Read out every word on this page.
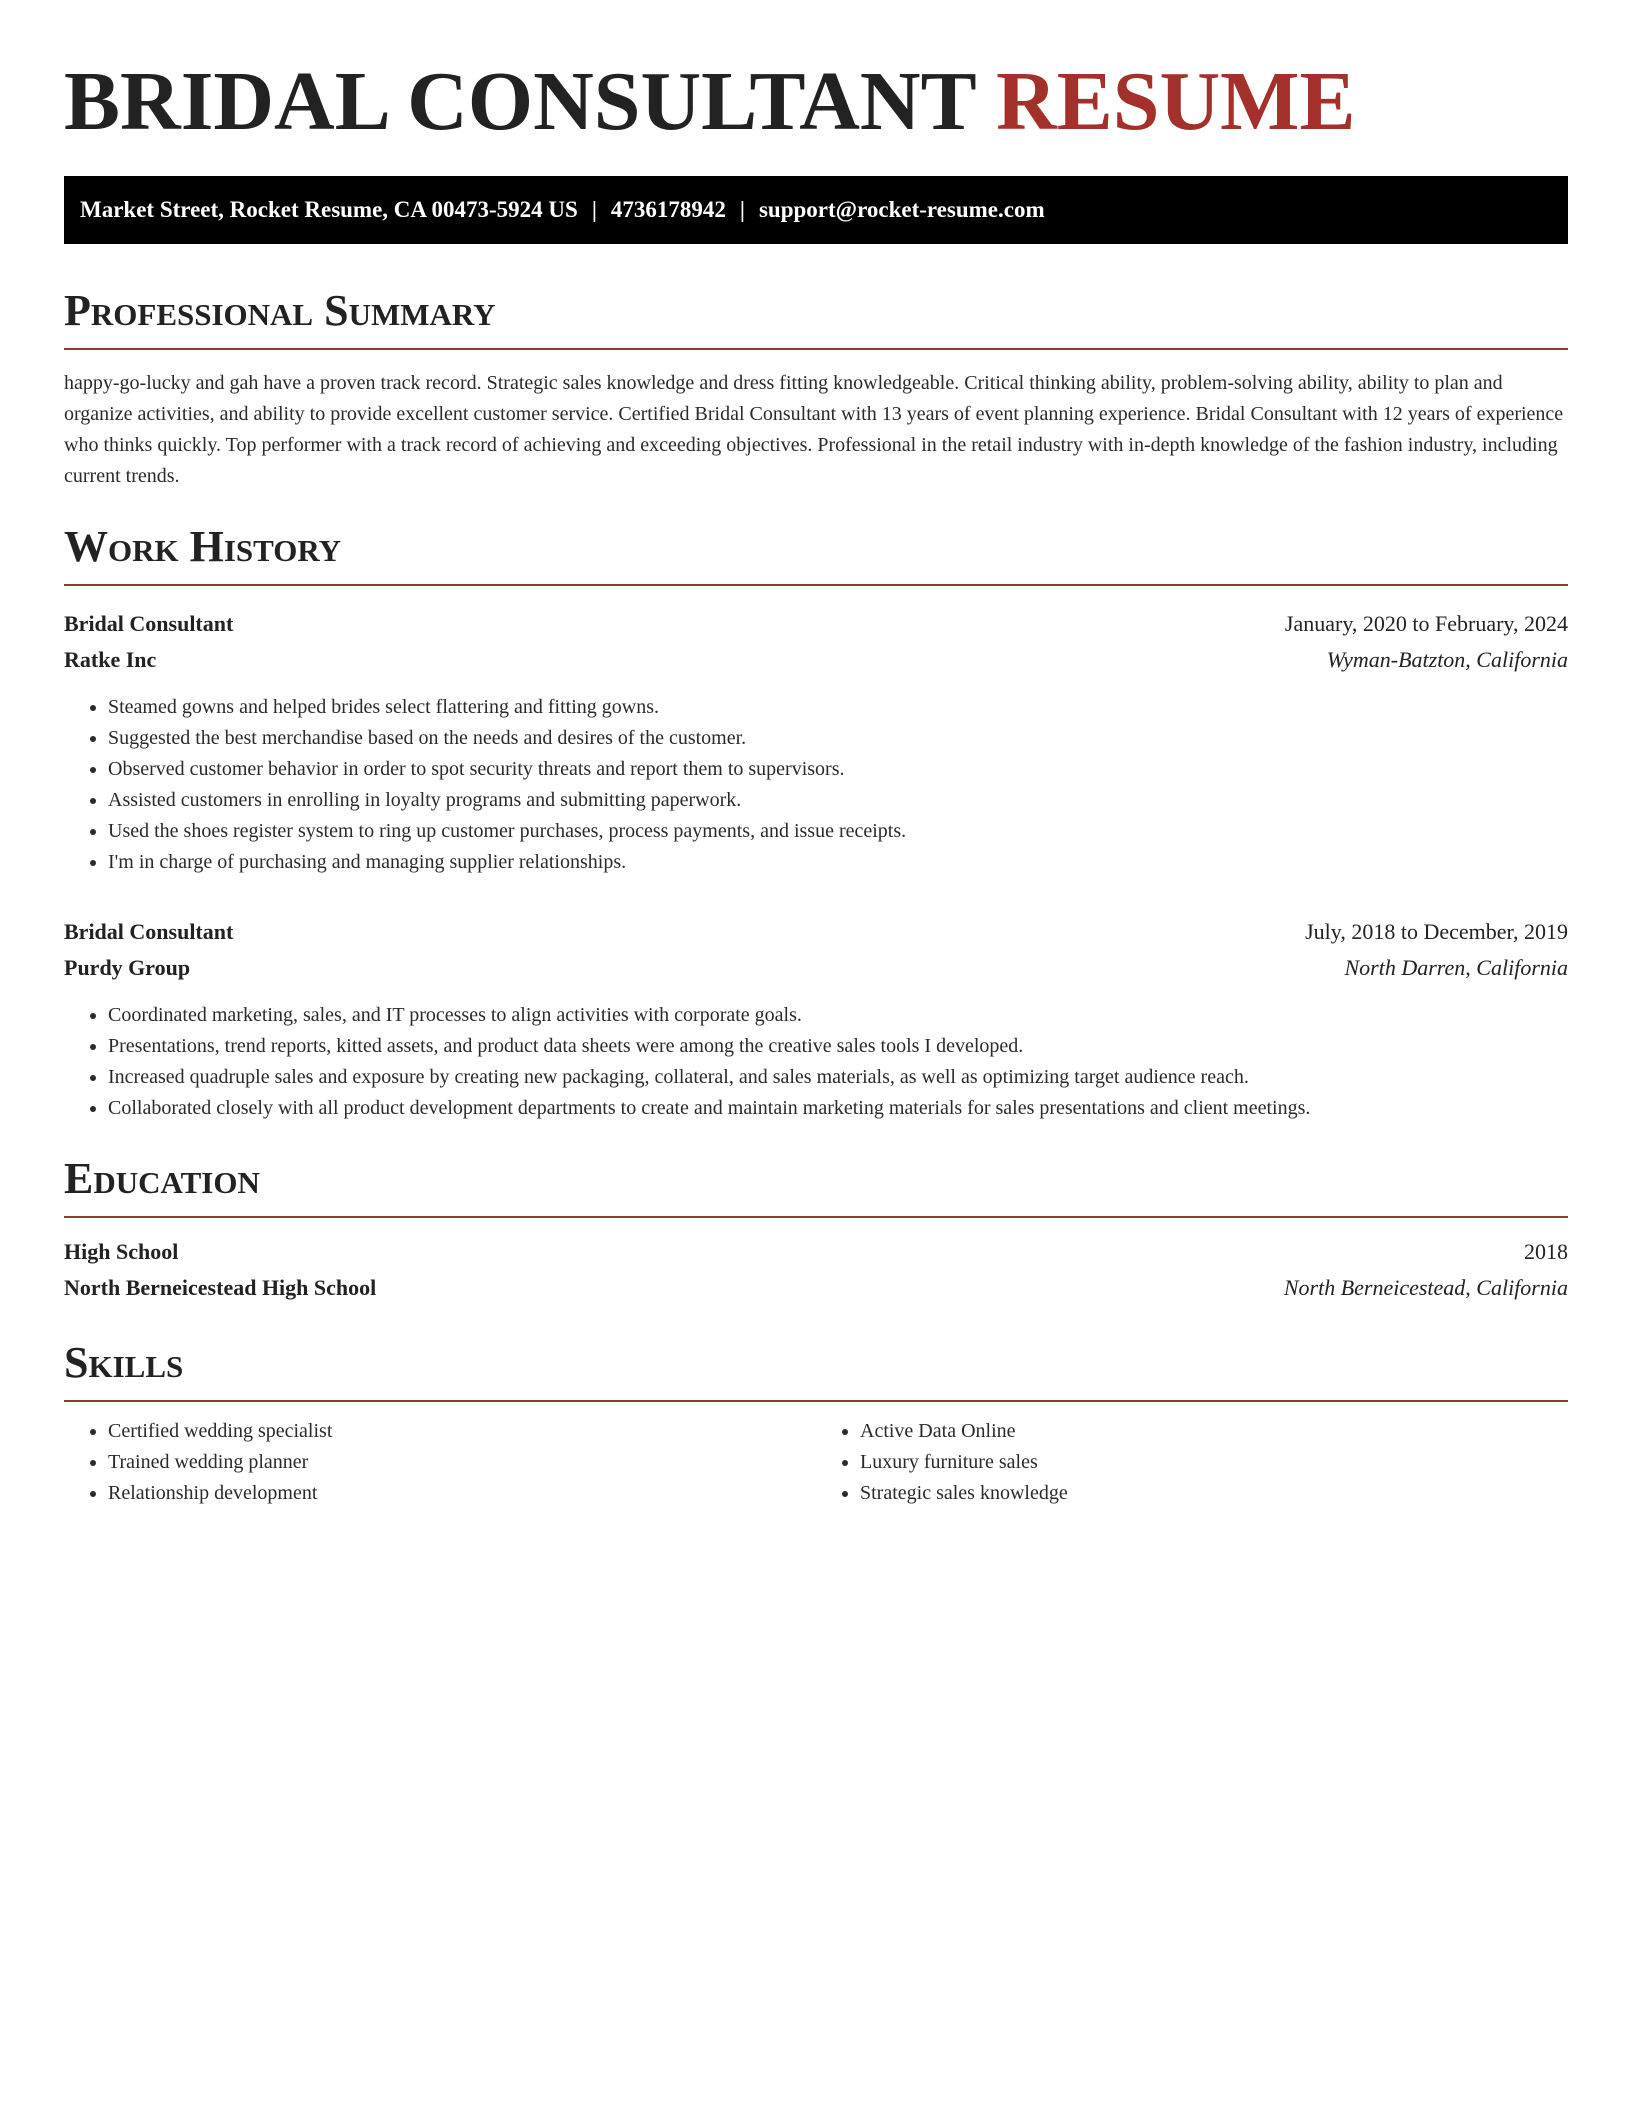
BRIDAL CONSULTANT RESUME
Market Street, Rocket Resume, CA 00473-5924 US | 4736178942 | support@rocket-resume.com
Professional Summary

happy-go-lucky and gah have a proven track record. Strategic sales knowledge and dress fitting knowledgeable. Critical thinking ability, problem-solving ability, ability to plan and organize activities, and ability to provide excellent customer service. Certified Bridal Consultant with 13 years of event planning experience. Bridal Consultant with 12 years of experience who thinks quickly. Top performer with a track record of achieving and exceeding objectives. Professional in the retail industry with in-depth knowledge of the fashion industry, including current trends.

Work History
Bridal Consultant	January, 2020 to February, 2024
Ratke Inc	Wyman-Batzton, California
• Steamed gowns and helped brides select flattering and fitting gowns.
• Suggested the best merchandise based on the needs and desires of the customer.
• Observed customer behavior in order to spot security threats and report them to supervisors.
• Assisted customers in enrolling in loyalty programs and submitting paperwork.
• Used the shoes register system to ring up customer purchases, process payments, and issue receipts.
• I'm in charge of purchasing and managing supplier relationships.
Bridal Consultant	July, 2018 to December, 2019
Purdy Group	North Darren, California
• Coordinated marketing, sales, and IT processes to align activities with corporate goals.
• Presentations, trend reports, kitted assets, and product data sheets were among the creative sales tools I developed.
• Increased quadruple sales and exposure by creating new packaging, collateral, and sales materials, as well as optimizing target audience reach.
• Collaborated closely with all product development departments to create and maintain marketing materials for sales presentations and client meetings.
Education
High School	2018
North Berneicestead High School	North Berneicestead, California
Skills
• Certified wedding specialist
• Trained wedding planner
• Relationship development
• Active Data Online
• Luxury furniture sales
• Strategic sales knowledge
